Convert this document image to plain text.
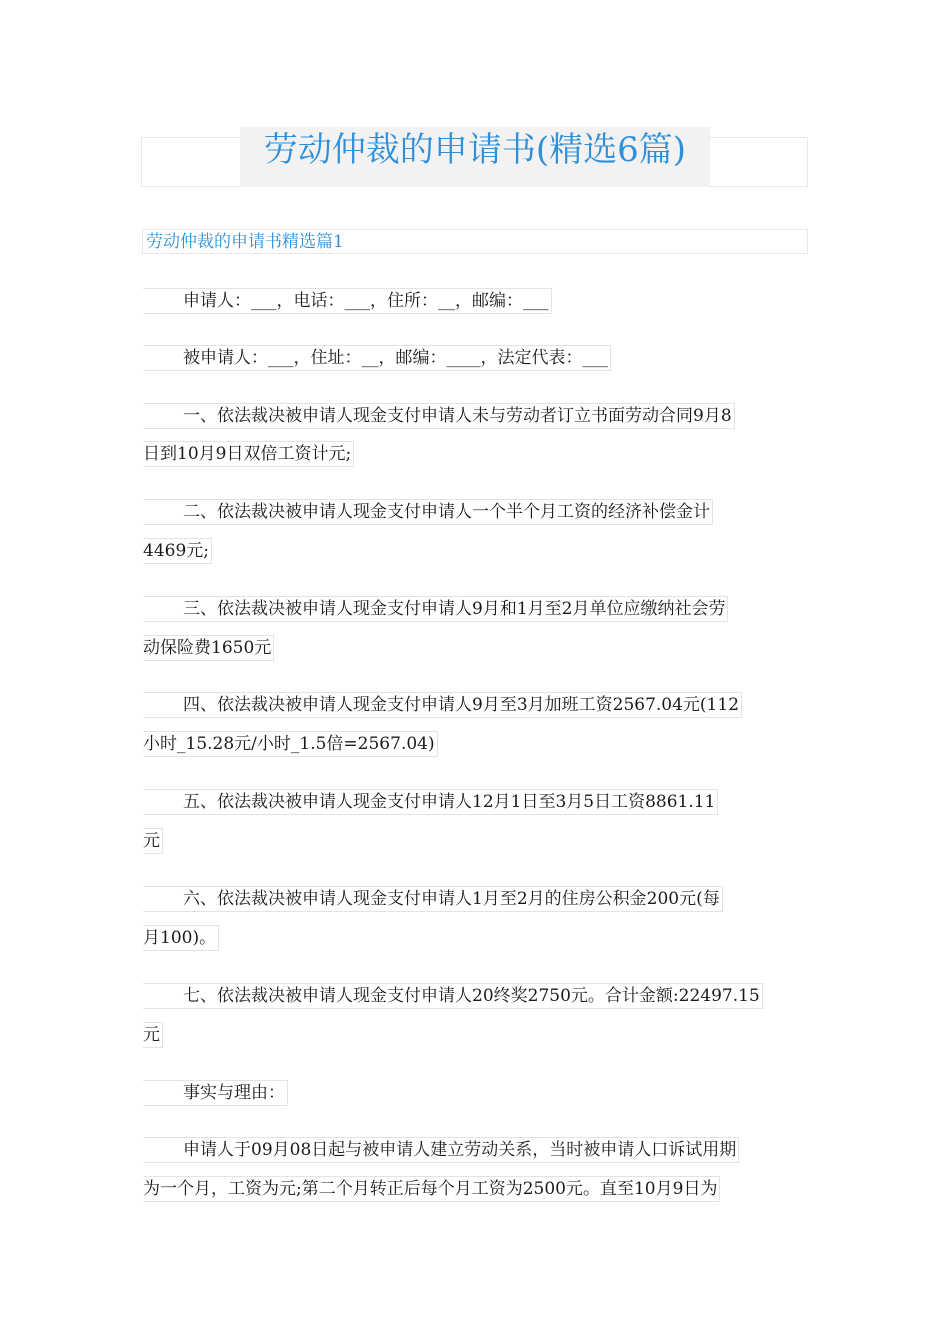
劳动仲裁的申请书(精选6篇)
劳动仲裁的申请书精选篇1
申请人：___，电话：___，住所：__，邮编：___
被申请人：___，住址：__，邮编：____，法定代表：___
一、依法裁决被申请人现金支付申请人未与劳动者订立书面劳动合同9月8
日到10月9日双倍工资计元;
二、依法裁决被申请人现金支付申请人一个半个月工资的经济补偿金计
4469元;
三、依法裁决被申请人现金支付申请人9月和1月至2月单位应缴纳社会劳
动保险费1650元
四、依法裁决被申请人现金支付申请人9月至3月加班工资2567.04元(112
小时_15.28元/小时_1.5倍=2567.04)
五、依法裁决被申请人现金支付申请人12月1日至3月5日工资8861.11
元
六、依法裁决被申请人现金支付申请人1月至2月的住房公积金200元(每
月100)。
七、依法裁决被申请人现金支付申请人20终奖2750元。合计金额:22497.15
元
事实与理由：
申请人于09月08日起与被申请人建立劳动关系，当时被申请人口诉试用期
为一个月，工资为元;第二个月转正后每个月工资为2500元。直至10月9日为
